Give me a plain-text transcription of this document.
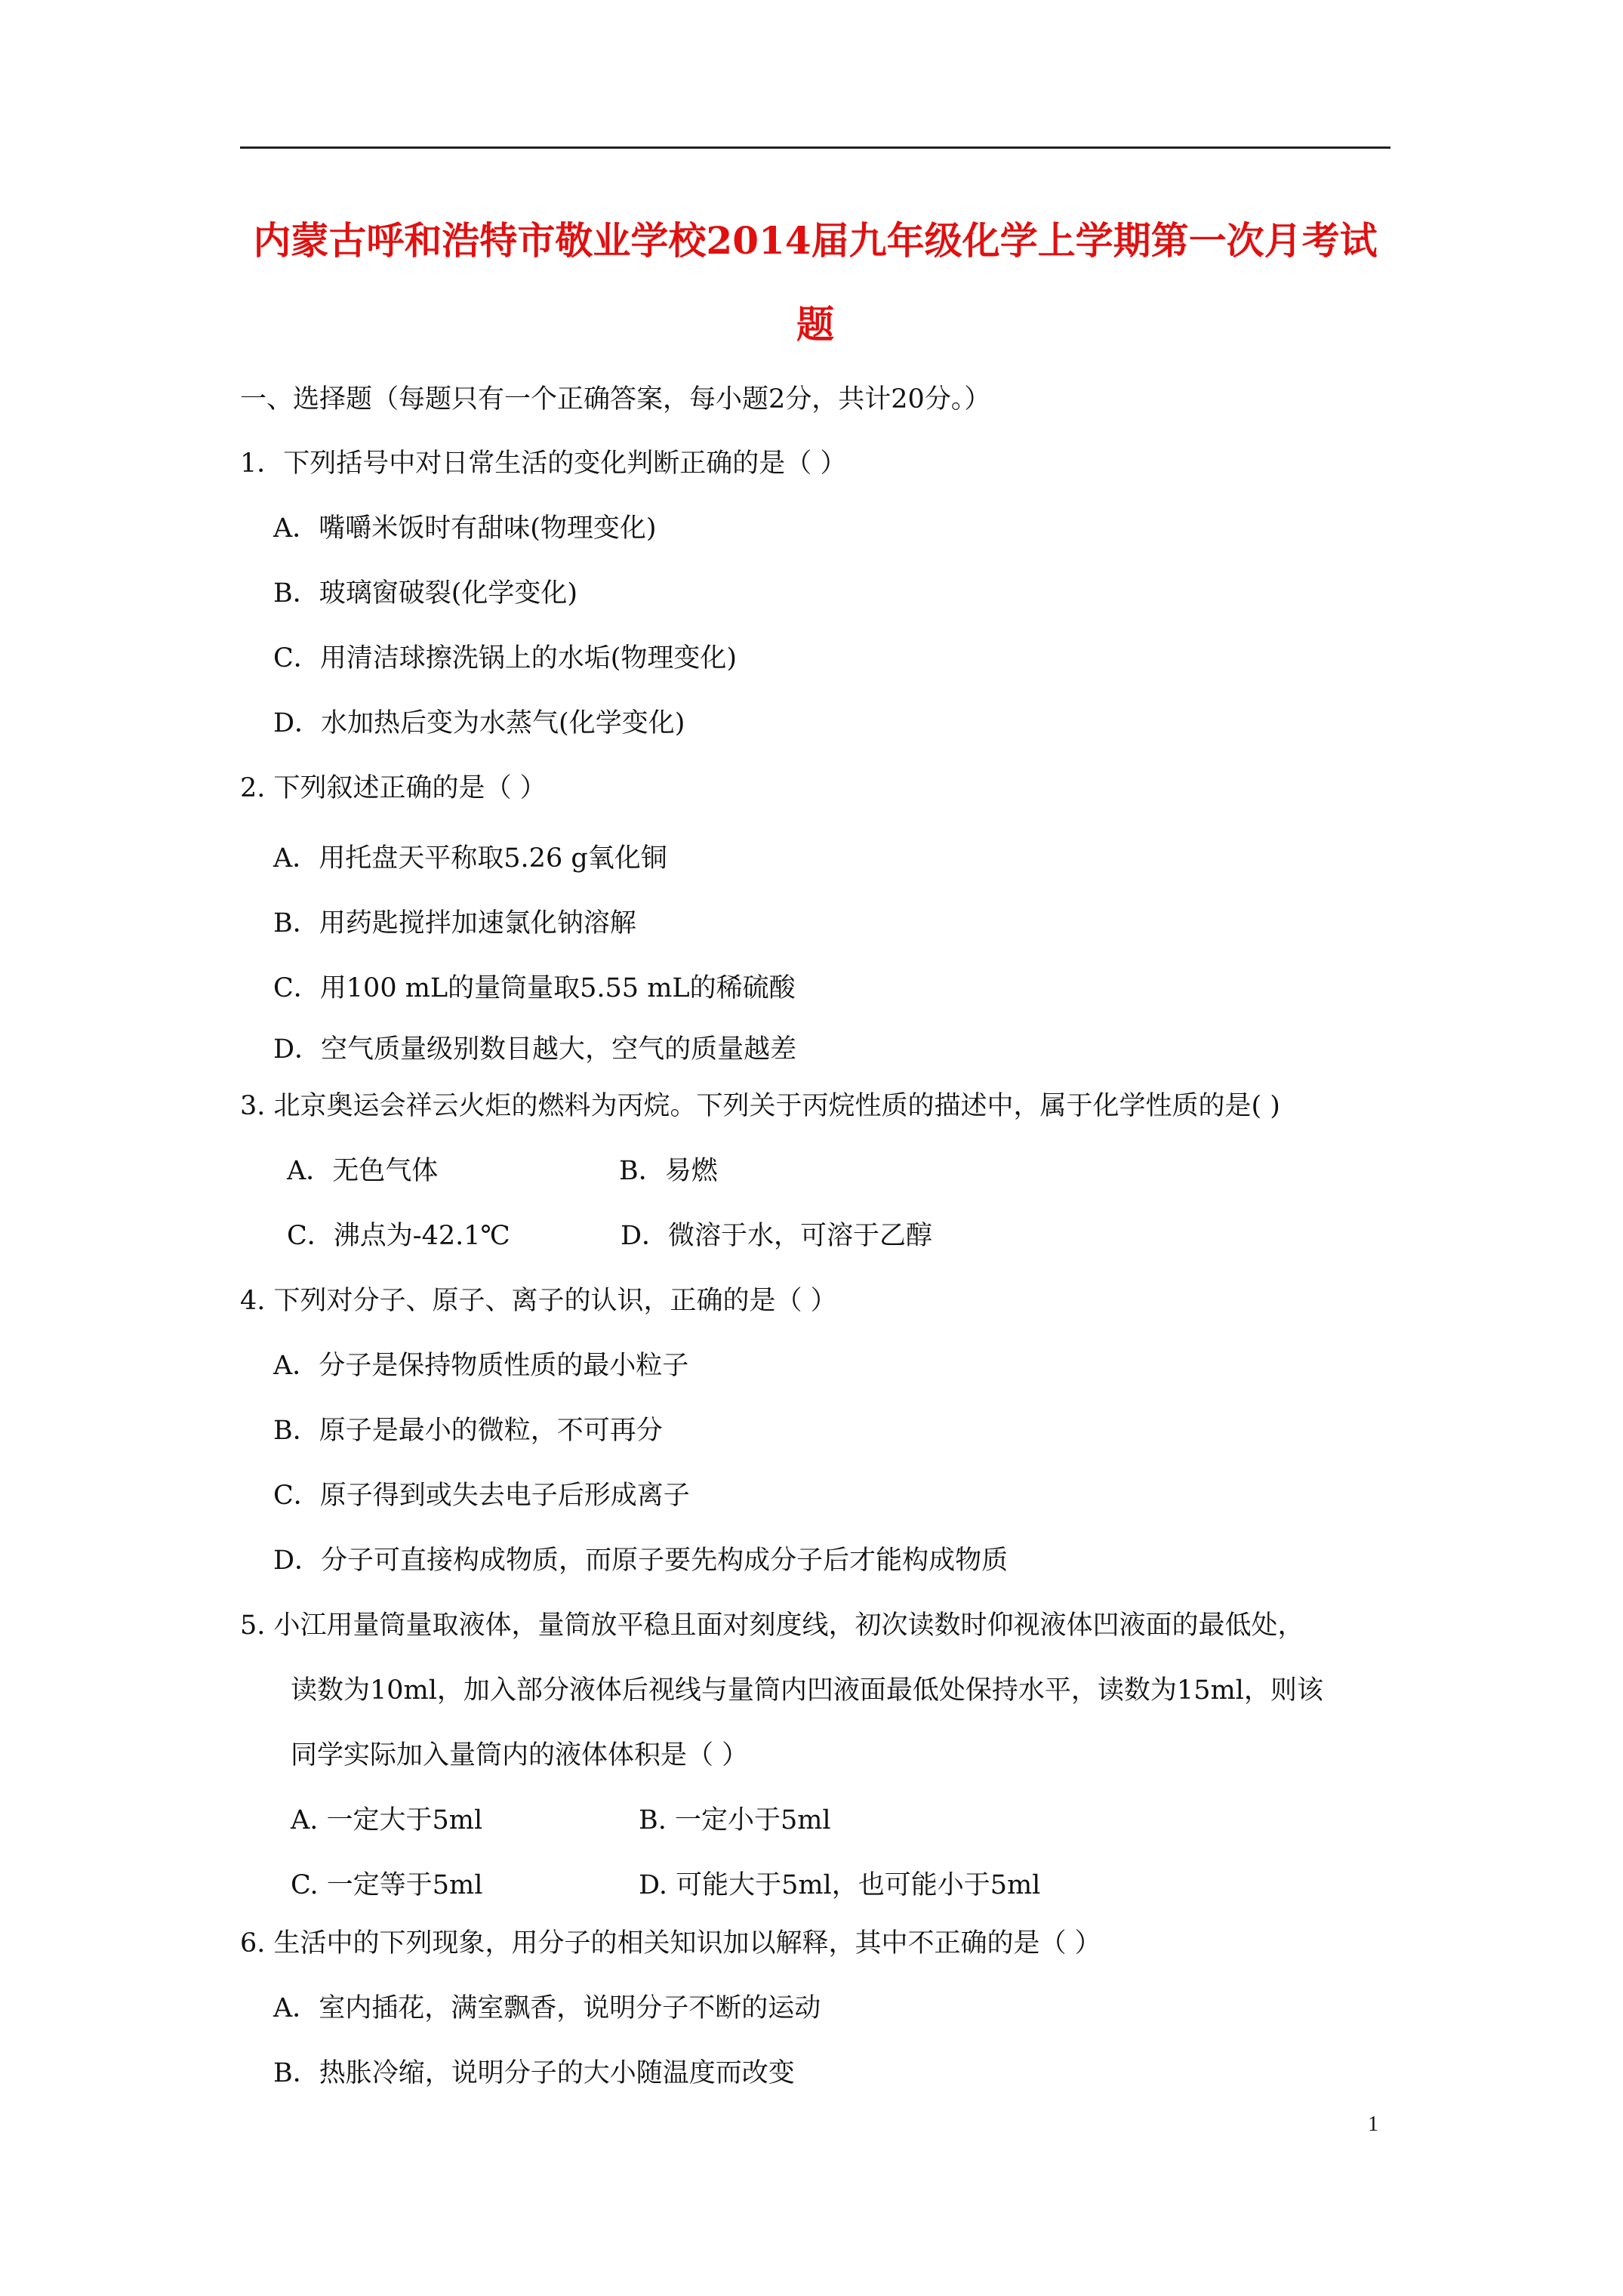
内蒙古呼和浩特市敬业学校2014届九年级化学上学期第一次月考试
题
一、选择题（每题只有一个正确答案，每小题2分，共计20分。）
1．下列括号中对日常生活的变化判断正确的是（ ）
A．嘴嚼米饭时有甜味(物理变化)
B．玻璃窗破裂(化学变化)
C．用清洁球擦洗锅上的水垢(物理变化)
D．水加热后变为水蒸气(化学变化)
2. 下列叙述正确的是（ ）
A．用托盘天平称取5.26 g氧化铜
B．用药匙搅拌加速氯化钠溶解
C．用100 mL的量筒量取5.55 mL的稀硫酸
D．空气质量级别数目越大，空气的质量越差
3. 北京奥运会祥云火炬的燃料为丙烷。下列关于丙烷性质的描述中，属于化学性质的是( )
A．无色气体	B．易燃
C．沸点为-42.1℃	D．微溶于水，可溶于乙醇
4. 下列对分子、原子、离子的认识，正确的是（ ）
A．分子是保持物质性质的最小粒子
B．原子是最小的微粒，不可再分
C．原子得到或失去电子后形成离子
D．分子可直接构成物质，而原子要先构成分子后才能构成物质
5. 小江用量筒量取液体，量筒放平稳且面对刻度线，初次读数时仰视液体凹液面的最低处，
读数为10ml，加入部分液体后视线与量筒内凹液面最低处保持水平，读数为15ml，则该
同学实际加入量筒内的液体体积是（ ）
A. 一定大于5ml	B. 一定小于5ml
C. 一定等于5ml	D. 可能大于5ml，也可能小于5ml
6. 生活中的下列现象，用分子的相关知识加以解释，其中不正确的是（ ）
A．室内插花，满室飘香，说明分子不断的运动
B．热胀冷缩，说明分子的大小随温度而改变
1
